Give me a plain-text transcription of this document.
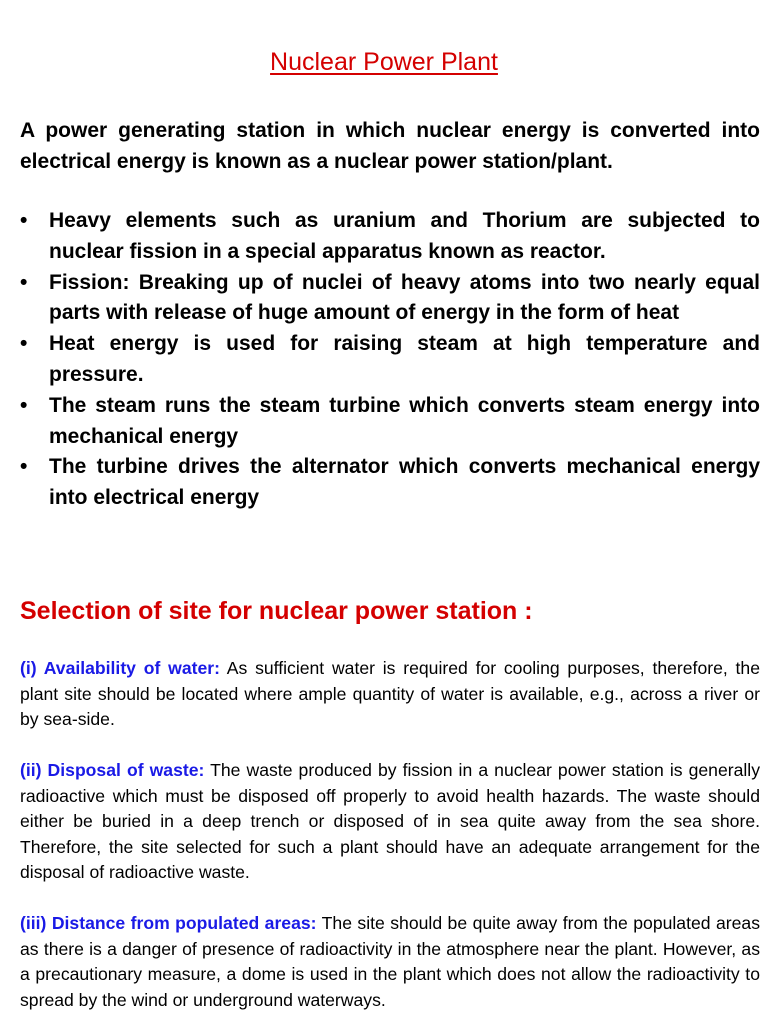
Nuclear Power Plant

A power generating station in which nuclear energy is converted into electrical energy is known as a nuclear power station/plant.

•	Heavy elements such as uranium and Thorium are subjected to nuclear fission in a special apparatus known as reactor.
•	Fission: Breaking up of nuclei of heavy atoms into two nearly equal parts with release of huge amount of energy in the form of heat
•	Heat energy is used for raising steam at high temperature and pressure.
•	The steam runs the steam turbine which converts steam energy into mechanical energy
•	The turbine drives the alternator which converts mechanical energy into electrical energy
Selection of site for nuclear power station :

(i) Availability of water: As sufficient water is required for cooling purposes, therefore, the plant site should be located where ample quantity of water is available, e.g., across a river or by sea-side.

(ii) Disposal of waste: The waste produced by fission in a nuclear power station is generally radioactive which must be disposed off properly to avoid health hazards. The waste should either be buried in a deep trench or disposed of in sea quite away from the sea shore. Therefore, the site selected for such a plant should have an adequate arrangement for the disposal of radioactive waste.

(iii) Distance from populated areas: The site should be quite away from the populated areas as there is a danger of presence of radioactivity in the atmosphere near the plant. However, as a precautionary measure, a dome is used in the plant which does not allow the radioactivity to spread by the wind or underground waterways.
